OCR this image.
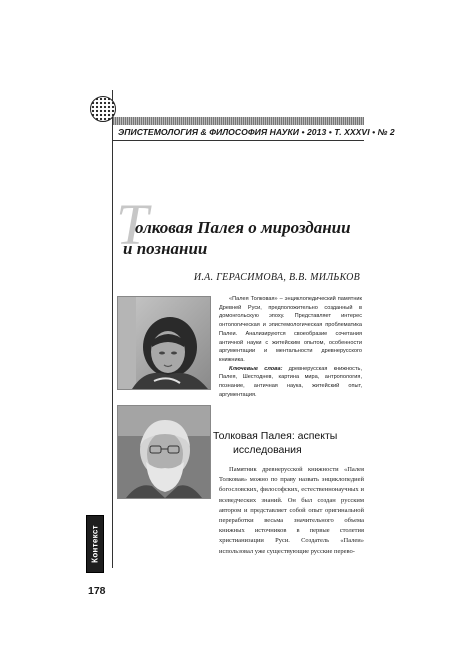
ЭПИСТЕМОЛОГИЯ & ФИЛОСОФИЯ НАУКИ • 2013 • Т. XXXVI • № 2
Т
олковая Палея о мироздании
и познании
И.А. ГЕРАСИМОВА, В.В. МИЛЬКОВ

«Палея Толковая» – энциклопедический памятник Древней Руси, предположительно созданный в домонгольскую эпоху. Представляет интерес онтологическая и эпистемологическая проблематика Палеи. Анализируются своеобразие сочетания античной науки с житейским опытом, особенности аргументации и ментальности древнерусского книжника.

Ключевые слова: древнерусская книжность, Палея, Шестоднев, картина мира, антропология, познание, античная наука, житейский опыт, аргументация.

Толковая Палея: аспекты
исследования

Памятник древнерусской книжности «Палея Толковая» можно по праву назвать энциклопедией богословских, философских, естественнонаучных и всеведческих знаний. Он был создан русским автором и представляет собой опыт оригинальной переработки весьма значительного объема книжных источников в первые столетия христианизации Руси. Создатель «Палеи» использовал уже существующие русские перево-

Контекст
178
